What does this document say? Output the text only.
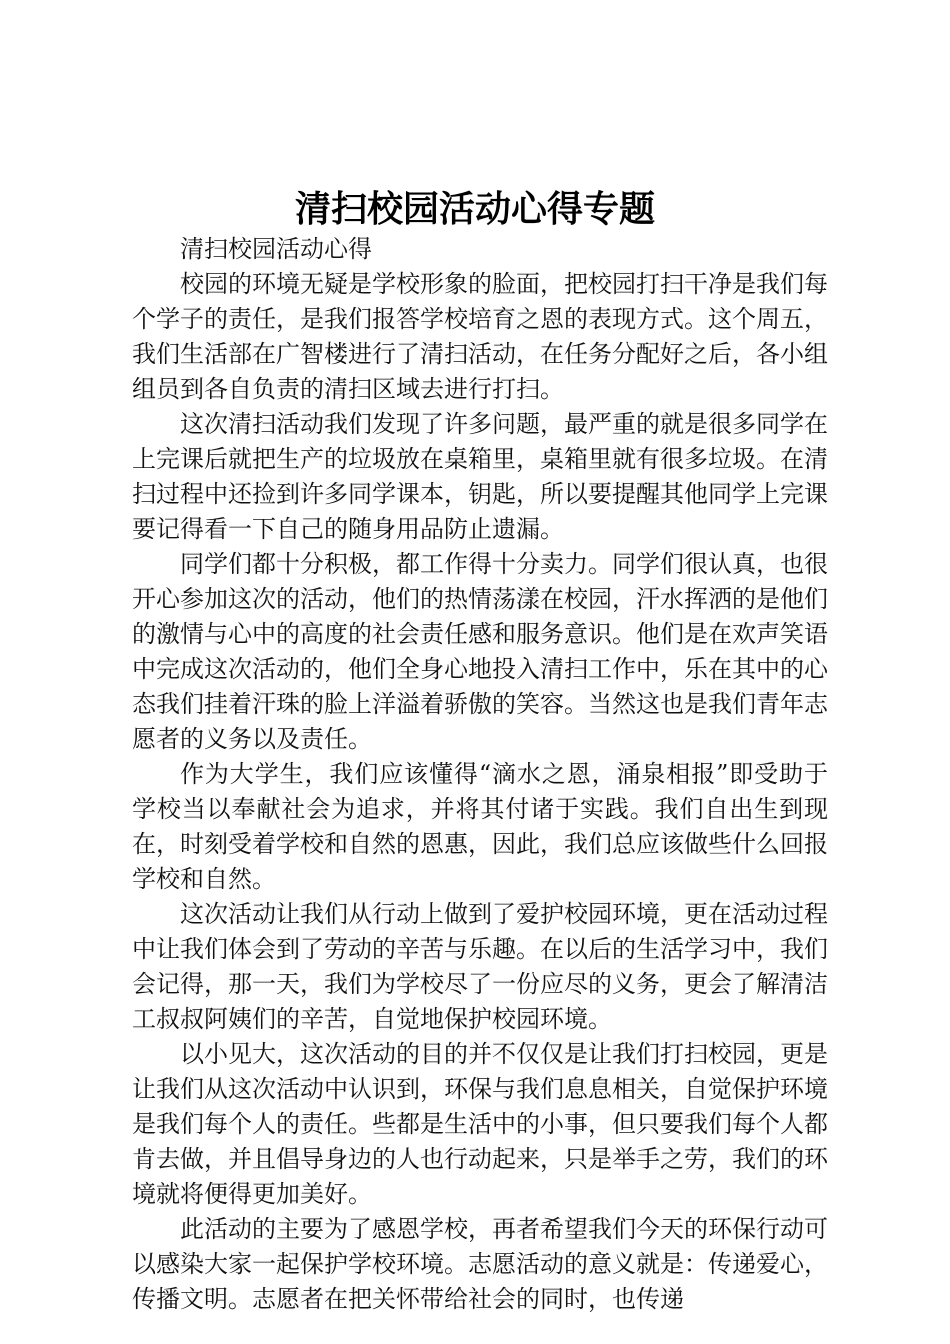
清扫校园活动心得专题

清扫校园活动心得

校园的环境无疑是学校形象的脸面，把校园打扫干净是我们每个学子的责任，是我们报答学校培育之恩的表现方式。这个周五，我们生活部在广智楼进行了清扫活动，在任务分配好之后，各小组组员到各自负责的清扫区域去进行打扫。

这次清扫活动我们发现了许多问题，最严重的就是很多同学在上完课后就把生产的垃圾放在桌箱里，桌箱里就有很多垃圾。在清扫过程中还捡到许多同学课本，钥匙，所以要提醒其他同学上完课要记得看一下自己的随身用品防止遗漏。

同学们都十分积极，都工作得十分卖力。同学们很认真，也很开心参加这次的活动，他们的热情荡漾在校园，汗水挥洒的是他们的激情与心中的高度的社会责任感和服务意识。他们是在欢声笑语中完成这次活动的，他们全身心地投入清扫工作中，乐在其中的心态我们挂着汗珠的脸上洋溢着骄傲的笑容。当然这也是我们青年志愿者的义务以及责任。

作为大学生，我们应该懂得“滴水之恩，涌泉相报”即受助于学校当以奉献社会为追求，并将其付诸于实践。我们自出生到现在，时刻受着学校和自然的恩惠，因此，我们总应该做些什么回报学校和自然。

这次活动让我们从行动上做到了爱护校园环境，更在活动过程中让我们体会到了劳动的辛苦与乐趣。在以后的生活学习中，我们会记得，那一天，我们为学校尽了一份应尽的义务，更会了解清洁工叔叔阿姨们的辛苦，自觉地保护校园环境。

以小见大，这次活动的目的并不仅仅是让我们打扫校园，更是让我们从这次活动中认识到，环保与我们息息相关，自觉保护环境是我们每个人的责任。些都是生活中的小事，但只要我们每个人都肯去做，并且倡导身边的人也行动起来，只是举手之劳，我们的环境就将便得更加美好。

此活动的主要为了感恩学校，再者希望我们今天的环保行动可以感染大家一起保护学校环境。志愿活动的意义就是：传递爱心，传播文明。志愿者在把关怀带给社会的同时，也传递
